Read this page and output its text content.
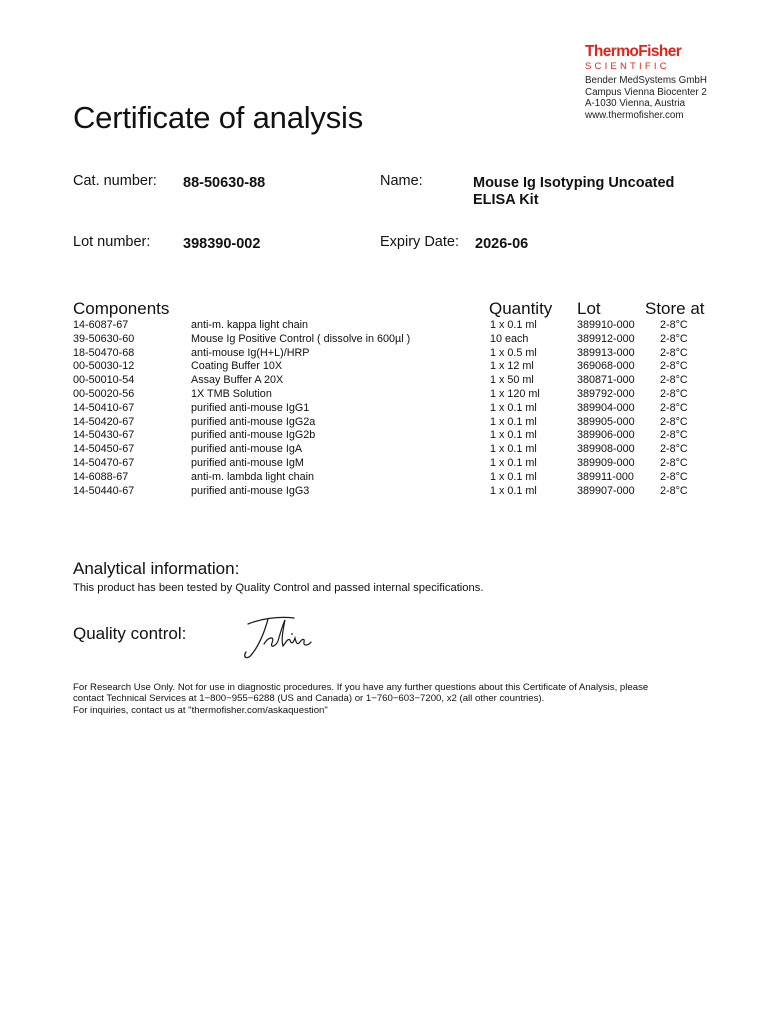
ThermoFisher
SCIENTIFIC
Bender MedSystems GmbH
Campus Vienna Biocenter 2
A-1030 Vienna, Austria
www.thermofisher.com
Certificate of analysis
Cat. number: 88-50630-88	Name:	Mouse Ig Isotyping Uncoated ELISA Kit
Lot number: 398390-002	Expiry Date: 2026-06
Components	Quantity Lot	Store at
14-6087-67	anti-m. kappa light chain	1 x 0.1 ml	389910-000 2-8°C
39-50630-60	Mouse Ig Positive Control ( dissolve in 600µl )	10 each	389912-000 2-8°C
18-50470-68	anti-mouse Ig(H+L)/HRP	1 x 0.5 ml	389913-000 2-8°C
00-50030-12	Coating Buffer 10X	1 x 12 ml	369068-000 2-8°C
00-50010-54	Assay Buffer A 20X	1 x 50 ml	380871-000 2-8°C
00-50020-56	1X TMB Solution	1 x 120 ml	389792-000 2-8°C
14-50410-67	purified anti-mouse IgG1	1 x 0.1 ml	389904-000 2-8°C
14-50420-67	purified anti-mouse IgG2a	1 x 0.1 ml	389905-000 2-8°C
14-50430-67	purified anti-mouse IgG2b	1 x 0.1 ml	389906-000 2-8°C
14-50450-67	purified anti-mouse IgA	1 x 0.1 ml	389908-000 2-8°C
14-50470-67	purified anti-mouse IgM	1 x 0.1 ml	389909-000 2-8°C
14-6088-67	anti-m. lambda light chain	1 x 0.1 ml	389911-000 2-8°C
14-50440-67	purified anti-mouse IgG3	1 x 0.1 ml	389907-000 2-8°C
Analytical information:
This product has been tested by Quality Control and passed internal specifications.
Quality control:
For Research Use Only. Not for use in diagnostic procedures. If you have any further questions about this Certificate of Analysis, please
contact Technical Services at 1−800−955−6288 (US and Canada) or 1−760−603−7200, x2 (all other countries).
For inquiries, contact us at "thermofisher.com/askaquestion"
